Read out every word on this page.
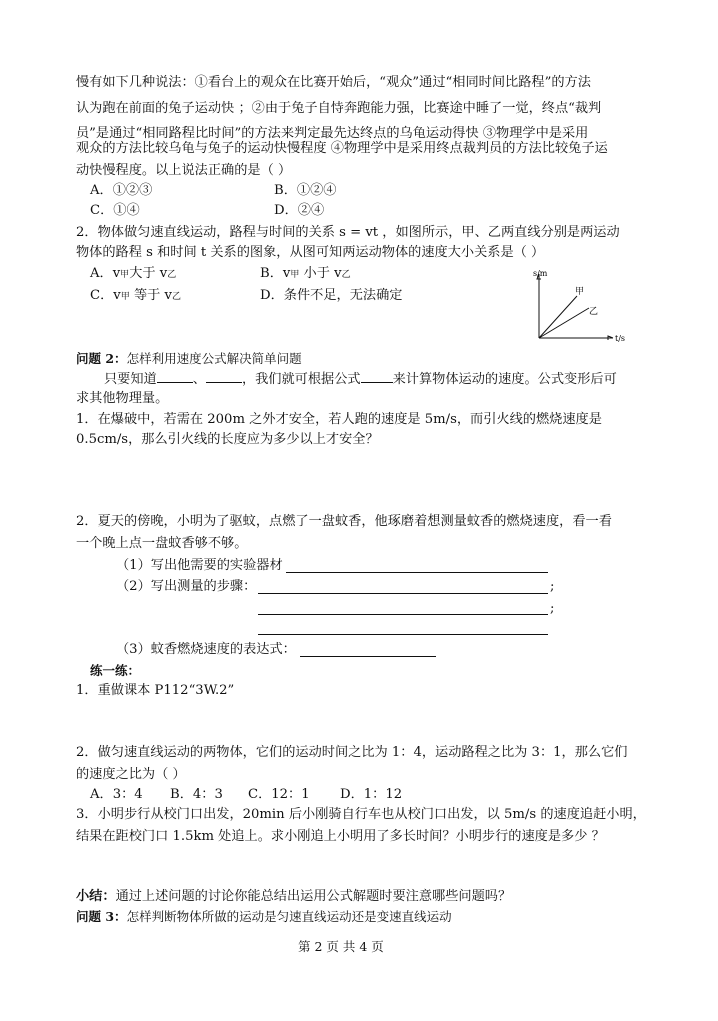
慢有如下几种说法：①看台上的观众在比赛开始后，“观众”通过“相同时间比路程”的方法
认为跑在前面的兔子运动快 ；②由于兔子自恃奔跑能力强，比赛途中睡了一觉，终点“裁判
员”是通过“相同路程比时间”的方法来判定最先达终点的乌龟运动得快 ③物理学中是采用
观众的方法比较乌龟与兔子的运动快慢程度 ④物理学中是采用终点裁判员的方法比较兔子运
动快慢程度。以上说法正确的是（ ）
A．①②③	B．①②④
C．①④	D．②④
2．物体做匀速直线运动，路程与时间的关系 s = vt ，如图所示，甲、乙两直线分别是两运动
物体的路程 s 和时间 t 关系的图象，从图可知两运动物体的速度大小关系是（ ）
A．v甲大于 v乙	B．v甲 小于 v乙
C．v甲 等于 v乙	D．条件不足，无法确定
s/m
t/s
甲
乙
问题 2：怎样利用速度公式解决简单问题
只要知道	、	，我们就可根据公式 来计算物体运动的速度。公式变形后可
求其他物理量。
1．在爆破中，若需在 200m 之外才安全，若人跑的速度是 5m/s，而引火线的燃烧速度是
0.5cm/s，那么引火线的长度应为多少以上才安全？
2．夏天的傍晚，小明为了驱蚊，点燃了一盘蚊香，他琢磨着想测量蚊香的燃烧速度，看一看
一个晚上点一盘蚊香够不够。
（1）写出他需要的实验器材
（2）写出测量的步骤：	;
;
（3）蚊香燃烧速度的表达式：
练一练：
1．重做课本 P112“3W.2”
2．做匀速直线运动的两物体，它们的运动时间之比为 1：4，运动路程之比为 3：1，那么它们
的速度之比为（ ）
A．3：4 B．4：3 C．12：1 D．1：12
3．小明步行从校门口出发，20min 后小刚骑自行车也从校门口出发，以 5m/s 的速度追赶小明，
结果在距校门口 1.5km 处追上。求小刚追上小明用了多长时间？小明步行的速度是多少 ？
小结：通过上述问题的讨论你能总结出运用公式解题时要注意哪些问题吗？
问题 3：怎样判断物体所做的运动是匀速直线运动还是变速直线运动
第 2 页 共 4 页
